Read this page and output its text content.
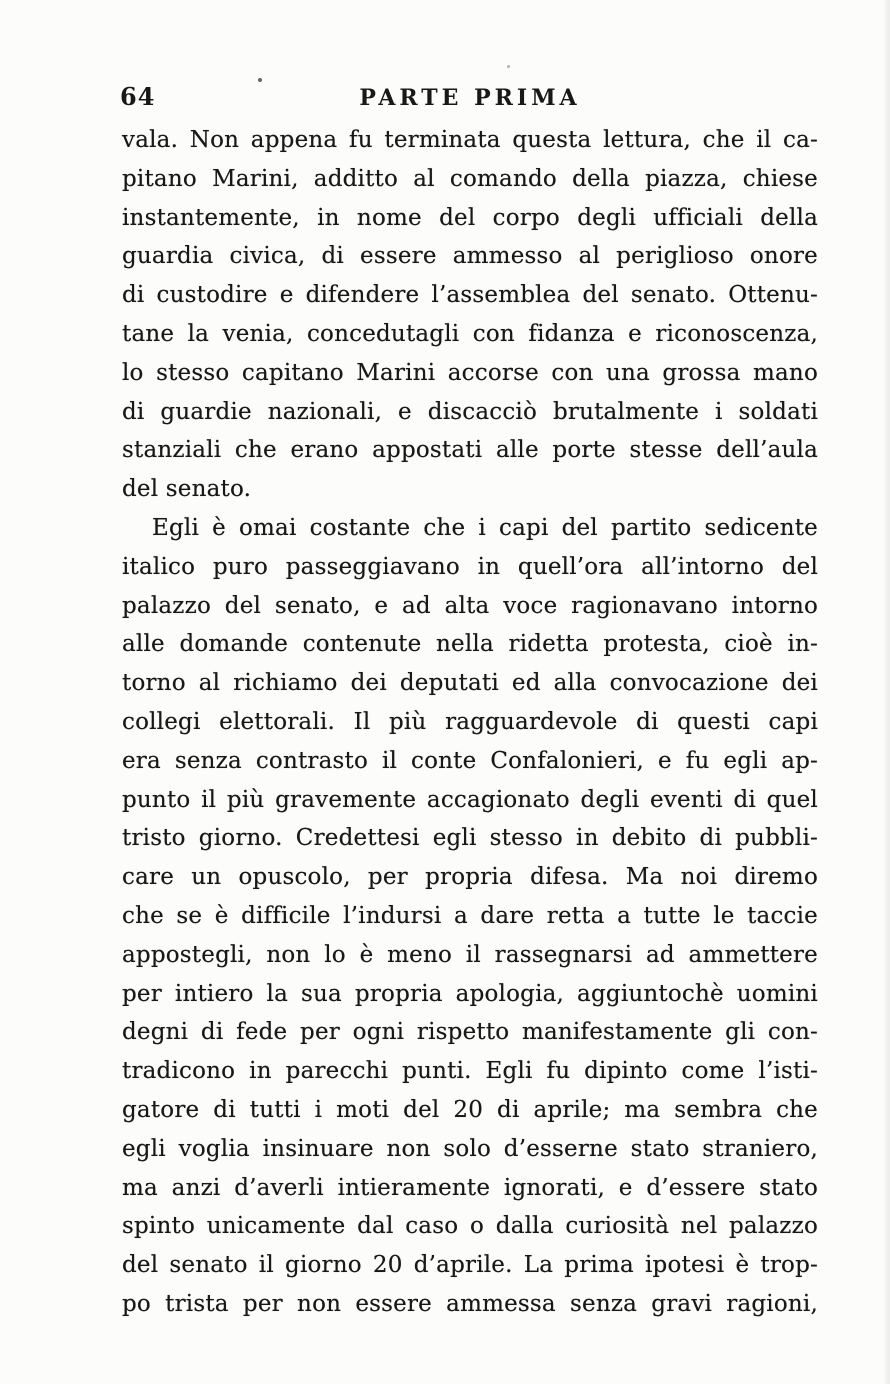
64	PARTE PRIMA
vala. Non appena fu terminata questa lettura, che il ca-
pitano Marini, additto al comando della piazza, chiese
instantemente, in nome del corpo degli ufficiali della
guardia civica, di essere ammesso al periglioso onore
di custodire e difendere l’assemblea del senato. Ottenu-
tane la venia, concedutagli con fidanza e riconoscenza,
lo stesso capitano Marini accorse con una grossa mano
di guardie nazionali, e discacciò brutalmente i soldati
stanziali che erano appostati alle porte stesse dell’aula
del senato.
Egli è omai costante che i capi del partito sedicente
italico puro passeggiavano in quell’ora all’intorno del
palazzo del senato, e ad alta voce ragionavano intorno
alle domande contenute nella ridetta protesta, cioè in-
torno al richiamo dei deputati ed alla convocazione dei
collegi elettorali. Il più ragguardevole di questi capi
era senza contrasto il conte Confalonieri, e fu egli ap-
punto il più gravemente accagionato degli eventi di quel
tristo giorno. Credettesi egli stesso in debito di pubbli-
care un opuscolo, per propria difesa. Ma noi diremo
che se è difficile l’indursi a dare retta a tutte le taccie
appostegli, non lo è meno il rassegnarsi ad ammettere
per intiero la sua propria apologia, aggiuntochè uomini
degni di fede per ogni rispetto manifestamente gli con-
tradicono in parecchi punti. Egli fu dipinto come l’isti-
gatore di tutti i moti del 20 di aprile; ma sembra che
egli voglia insinuare non solo d’esserne stato straniero,
ma anzi d’averli intieramente ignorati, e d’essere stato
spinto unicamente dal caso o dalla curiosità nel palazzo
del senato il giorno 20 d’aprile. La prima ipotesi è trop-
po trista per non essere ammessa senza gravi ragioni,
